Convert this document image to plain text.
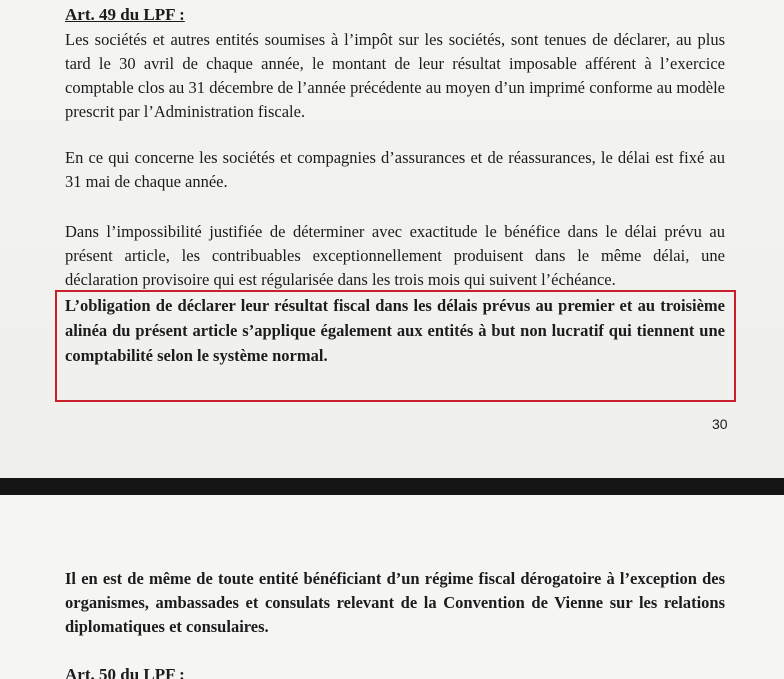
Art. 49 du LPF :

Les sociétés et autres entités soumises à l’impôt sur les sociétés, sont tenues de déclarer, au plus tard le 30 avril de chaque année, le montant de leur résultat imposable afférent à l’exercice comptable clos au 31 décembre de l’année précédente au moyen d’un imprimé conforme au modèle prescrit par l’Administration fiscale.

En ce qui concerne les sociétés et compagnies d’assurances et de réassurances, le délai est fixé au 31 mai de chaque année.

Dans l’impossibilité justifiée de déterminer avec exactitude le bénéfice dans le délai prévu au présent article, les contribuables exceptionnellement produisent dans le même délai, une déclaration provisoire qui est régularisée dans les trois mois qui suivent l’échéance.

L’obligation de déclarer leur résultat fiscal dans les délais prévus au premier et au troisième alinéa du présent article s’applique également aux entités à but non lucratif qui tiennent une comptabilité selon le système normal.

30

Il en est de même de toute entité bénéficiant d’un régime fiscal dérogatoire à l’exception des organismes, ambassades et consulats relevant de la Convention de Vienne sur les relations diplomatiques et consulaires.

Art. 50 du LPF :
